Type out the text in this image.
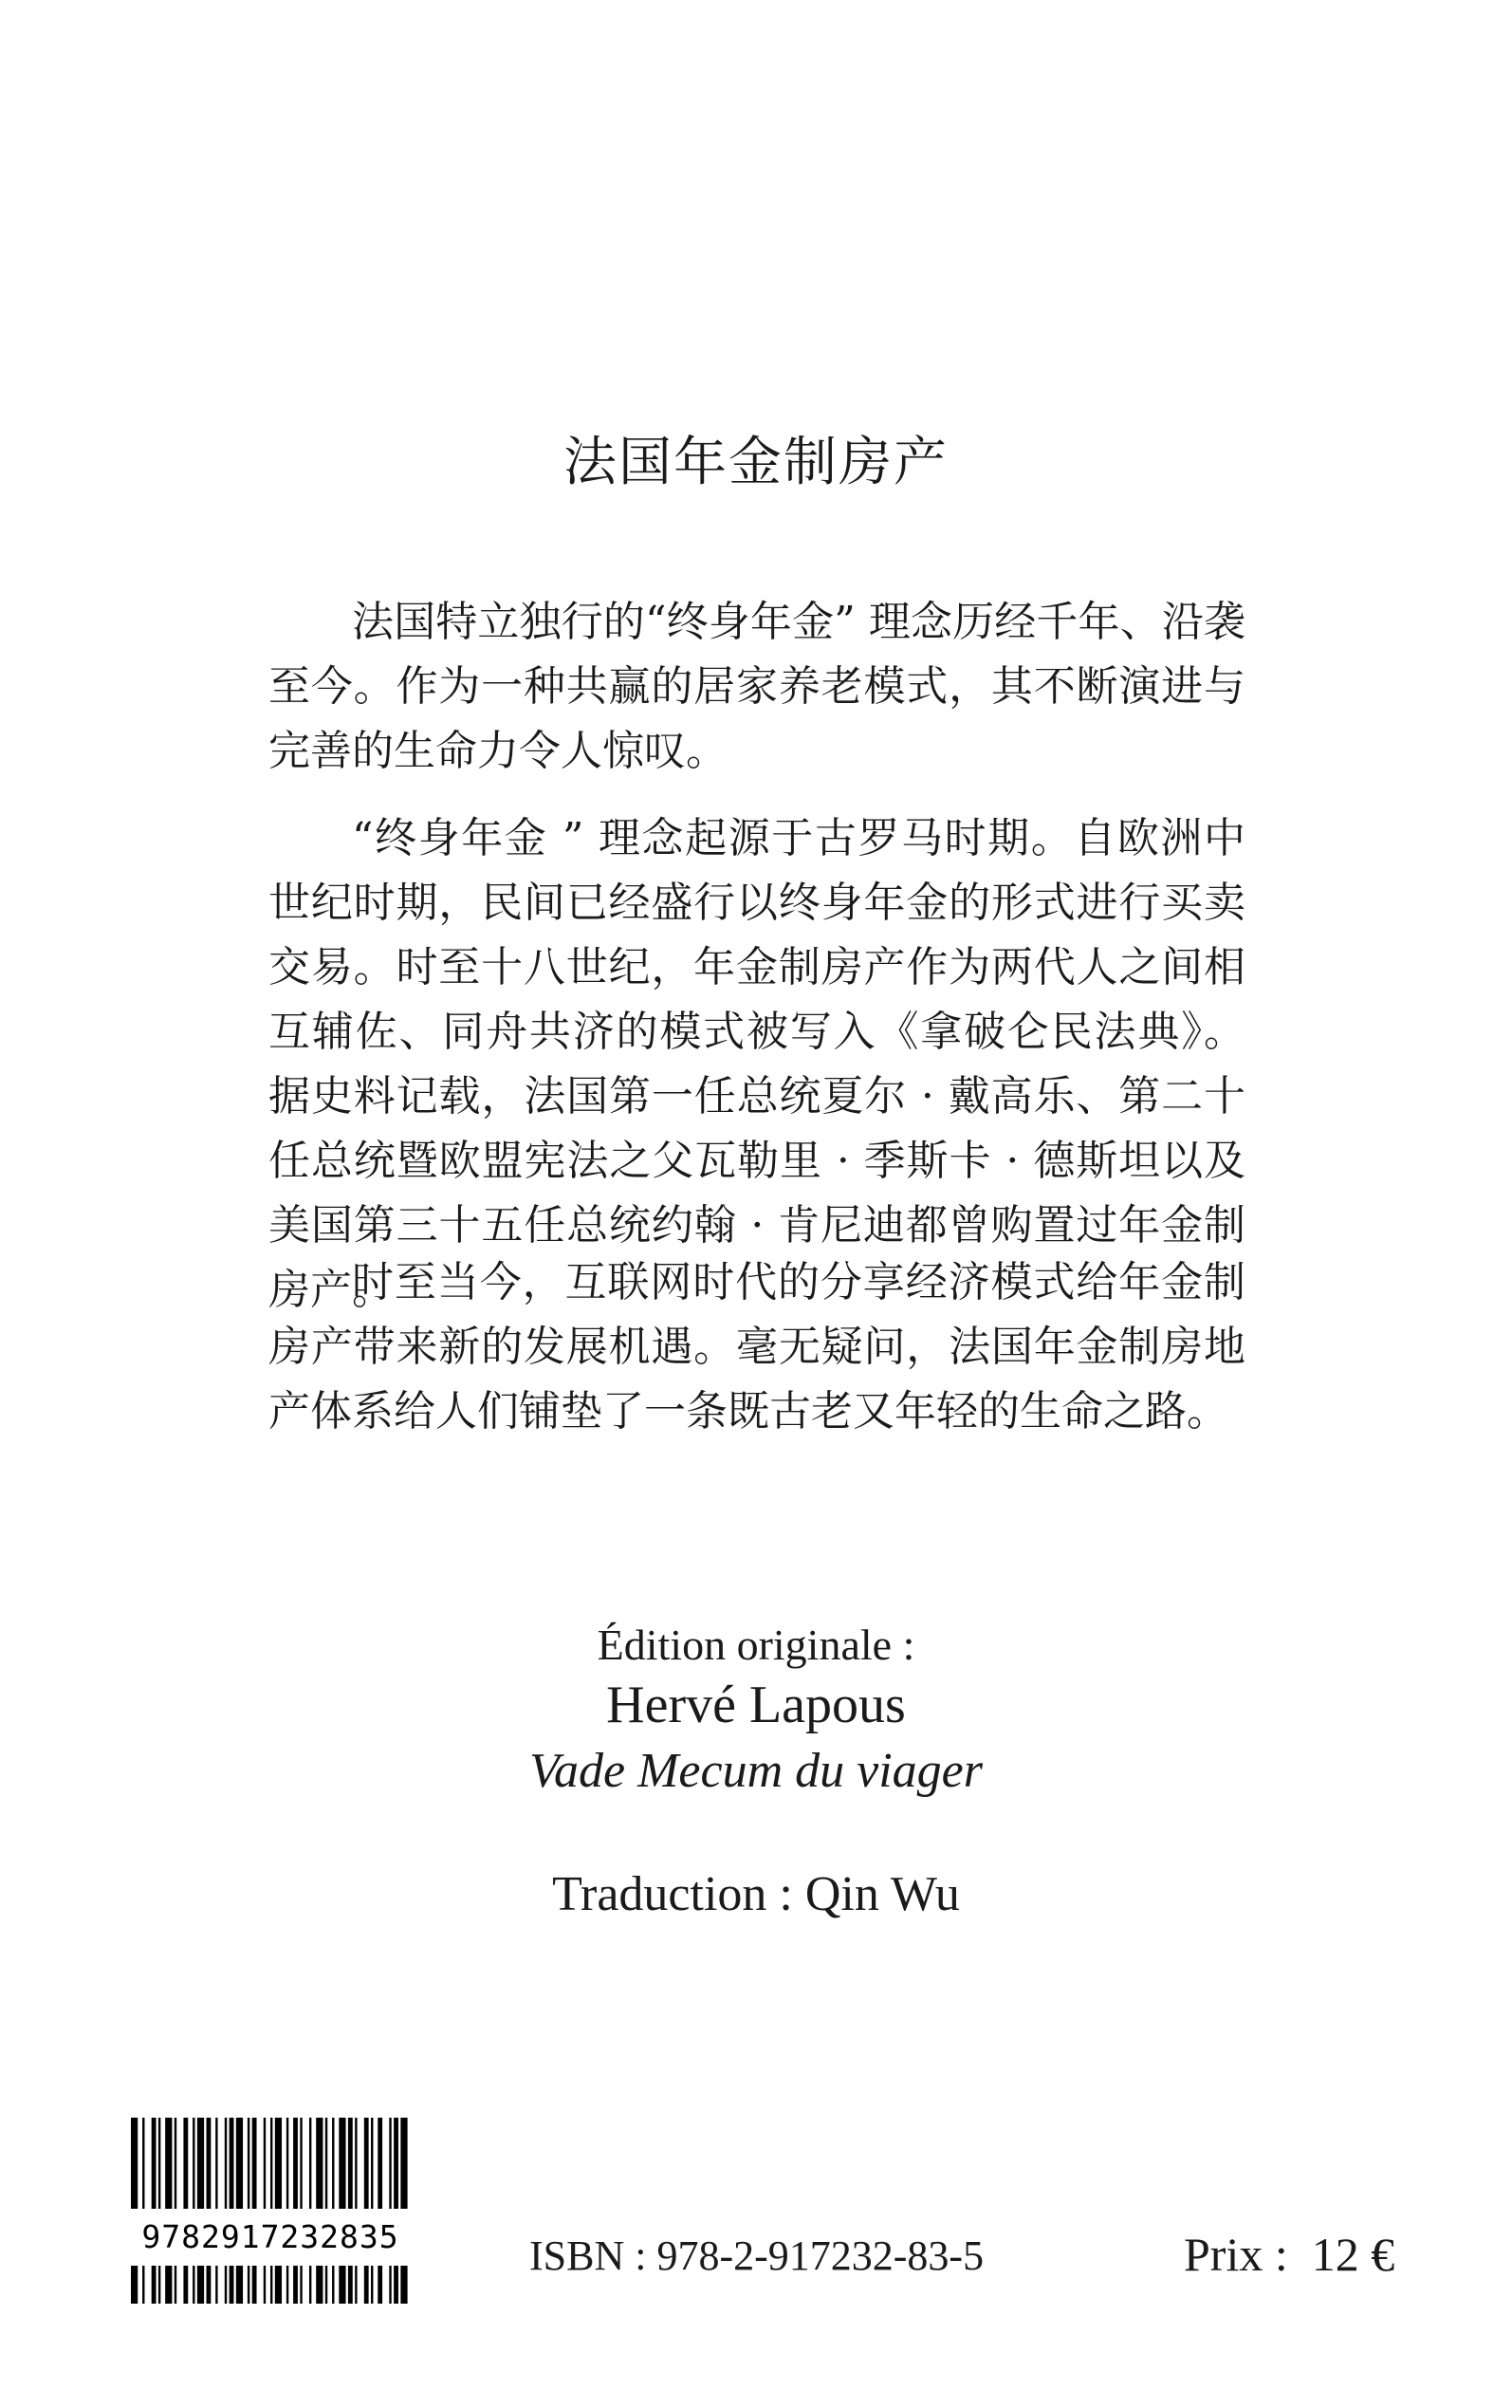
法国年金制房产

法国特立独行的“终身年金” 理念历经千年、沿袭至今。作为一种共赢的居家养老模式，其不断演进与完善的生命力令人惊叹。

“终身年金 ” 理念起源于古罗马时期。自欧洲中世纪时期，民间已经盛行以终身年金的形式进行买卖交易。时至十八世纪，年金制房产作为两代人之间相互辅佐、同舟共济的模式被写入《拿破仑民法典》。据史料记载，法国第一任总统夏尔 · 戴高乐、第二十任总统暨欧盟宪法之父瓦勒里 · 季斯卡 · 德斯坦以及美国第三十五任总统约翰 · 肯尼迪都曾购置过年金制房产。

时至当今，互联网时代的分享经济模式给年金制房产带来新的发展机遇。毫无疑问，法国年金制房地产体系给人们铺垫了一条既古老又年轻的生命之路。

Édition originale :

Hervé Lapous

Vade Mecum du viager

Traduction : Qin Wu

9782917232835	ISBN : 978-2-917232-83-5	Prix :  12 €
